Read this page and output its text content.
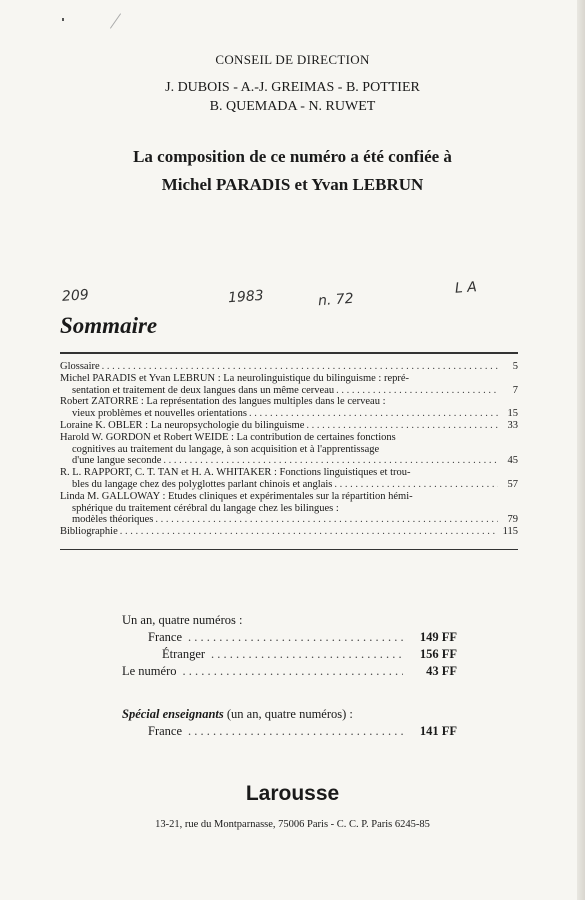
CONSEIL DE DIRECTION
J. DUBOIS - A.-J. GREIMAS - B. POTTIER
B. QUEMADA - N. RUWET
La composition de ce numéro a été confiée à
Michel PARADIS et Yvan LEBRUN
209	1983	n. 72
L A
Sommaire
Glossaire . . .	5
Michel PARADIS et Yvan LEBRUN : La neurolinguistique du bilinguisme : repré-
sentation et traitement de deux langues dans un même cerveau . . .	7
Robert ZATORRE : La représentation des langues multiples dans le cerveau :
vieux problèmes et nouvelles orientations . . .	15
Loraine K. OBLER : La neuropsychologie du bilinguisme . . .	33
Harold W. GORDON et Robert WEIDE : La contribution de certaines fonctions
cognitives au traitement du langage, à son acquisition et à l'apprentissage
d'une langue seconde . . .	45
R. L. RAPPORT, C. T. TAN et H. A. WHITAKER : Fonctions linguistiques et trou-
bles du langage chez des polyglottes parlant chinois et anglais . . .	57
Linda M. GALLOWAY : Etudes cliniques et expérimentales sur la répartition hémi-
sphérique du traitement cérébral du langage chez les bilingues :
modèles théoriques . . .	79
Bibliographie . . .	115
Un an, quatre numéros :
France . . .	149 FF
Étranger . . .	156 FF
Le numéro . . .	43 FF
Spécial enseignants (un an, quatre numéros) :
France . . .	141 FF
Larousse
13-21, rue du Montparnasse, 75006 Paris - C. C. P. Paris 6245-85
